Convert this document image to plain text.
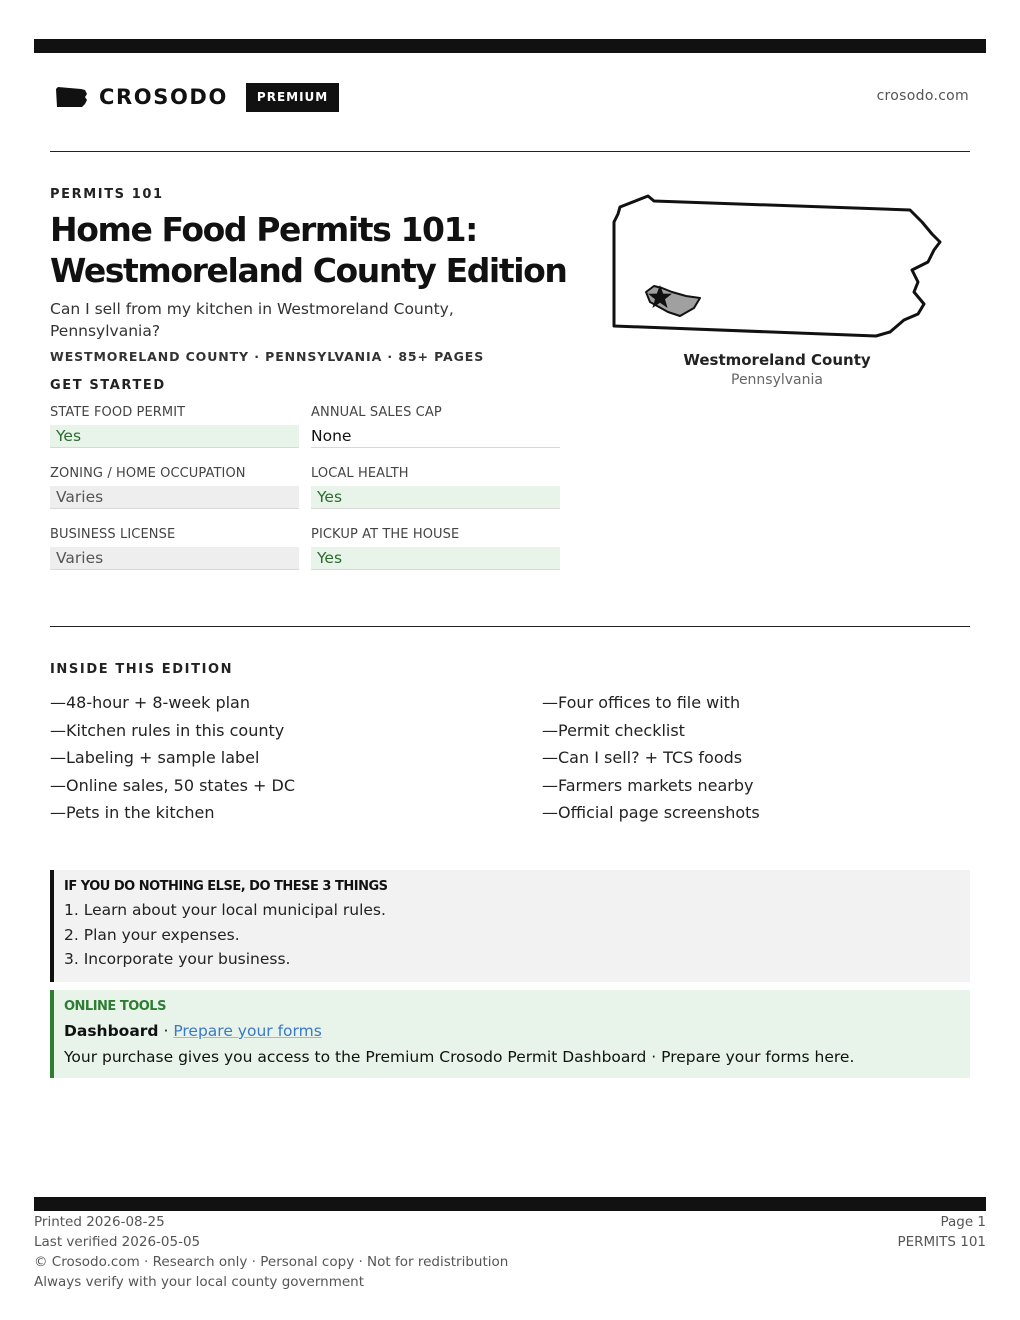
CROSODO	PREMIUM	crosodo.com
PERMITS 101
Home Food Permits 101:
Westmoreland County Edition

Can I sell from my kitchen in Westmoreland County, Pennsylvania?

WESTMORELAND COUNTY · PENNSYLVANIA · 85+ PAGES
GET STARTED
STATE FOOD PERMIT
Yes
ANNUAL SALES CAP
None
ZONING / HOME OCCUPATION
Varies
LOCAL HEALTH
Yes
BUSINESS LICENSE
Varies
PICKUP AT THE HOUSE
Yes
Westmoreland County
Pennsylvania
INSIDE THIS EDITION
—48-hour + 8-week plan
—Kitchen rules in this county
—Labeling + sample label
—Online sales, 50 states + DC
—Pets in the kitchen
—Four offices to file with
—Permit checklist
—Can I sell? + TCS foods
—Farmers markets nearby
—Official page screenshots
IF YOU DO NOTHING ELSE, DO THESE 3 THINGS
1. Learn about your local municipal rules.
2. Plan your expenses.
3. Incorporate your business.
ONLINE TOOLS
Dashboard · Prepare your forms
Your purchase gives you access to the Premium Crosodo Permit Dashboard · Prepare your forms here.
Printed 2026-08-25
Last verified 2026-05-05
© Crosodo.com · Research only · Personal copy · Not for redistribution
Always verify with your local county government
Page 1
PERMITS 101
